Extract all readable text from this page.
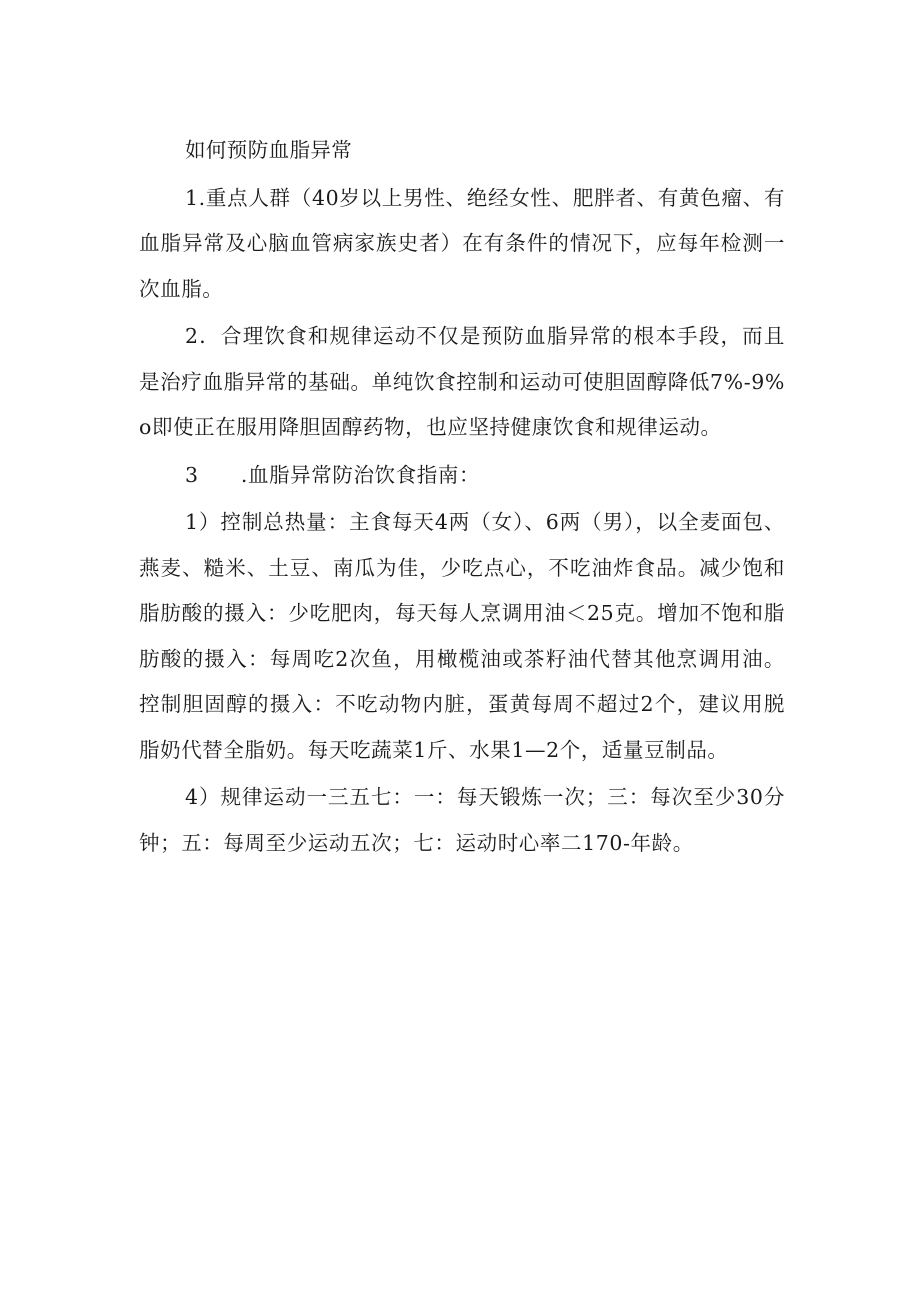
如何预防血脂异常

1.重点人群（40岁以上男性、绝经女性、肥胖者、有黄色瘤、有血脂异常及心脑血管病家族史者）在有条件的情况下，应每年检测一次血脂。

2．合理饮食和规律运动不仅是预防血脂异常的根本手段，而且是治疗血脂异常的基础。单纯饮食控制和运动可使胆固醇降低7%-9%o即使正在服用降胆固醇药物，也应坚持健康饮食和规律运动。

3　　.血脂异常防治饮食指南：

1）控制总热量：主食每天4两（女）、6两（男），以全麦面包、燕麦、糙米、土豆、南瓜为佳，少吃点心，不吃油炸食品。减少饱和脂肪酸的摄入：少吃肥肉，每天每人烹调用油＜25克。增加不饱和脂肪酸的摄入：每周吃2次鱼，用橄榄油或茶籽油代替其他烹调用油。控制胆固醇的摄入：不吃动物内脏，蛋黄每周不超过2个，建议用脱脂奶代替全脂奶。每天吃蔬菜1斤、水果1—2个，适量豆制品。

4）规律运动一三五七：一：每天锻炼一次；三：每次至少30分钟；五：每周至少运动五次；七：运动时心率二170-年龄。
